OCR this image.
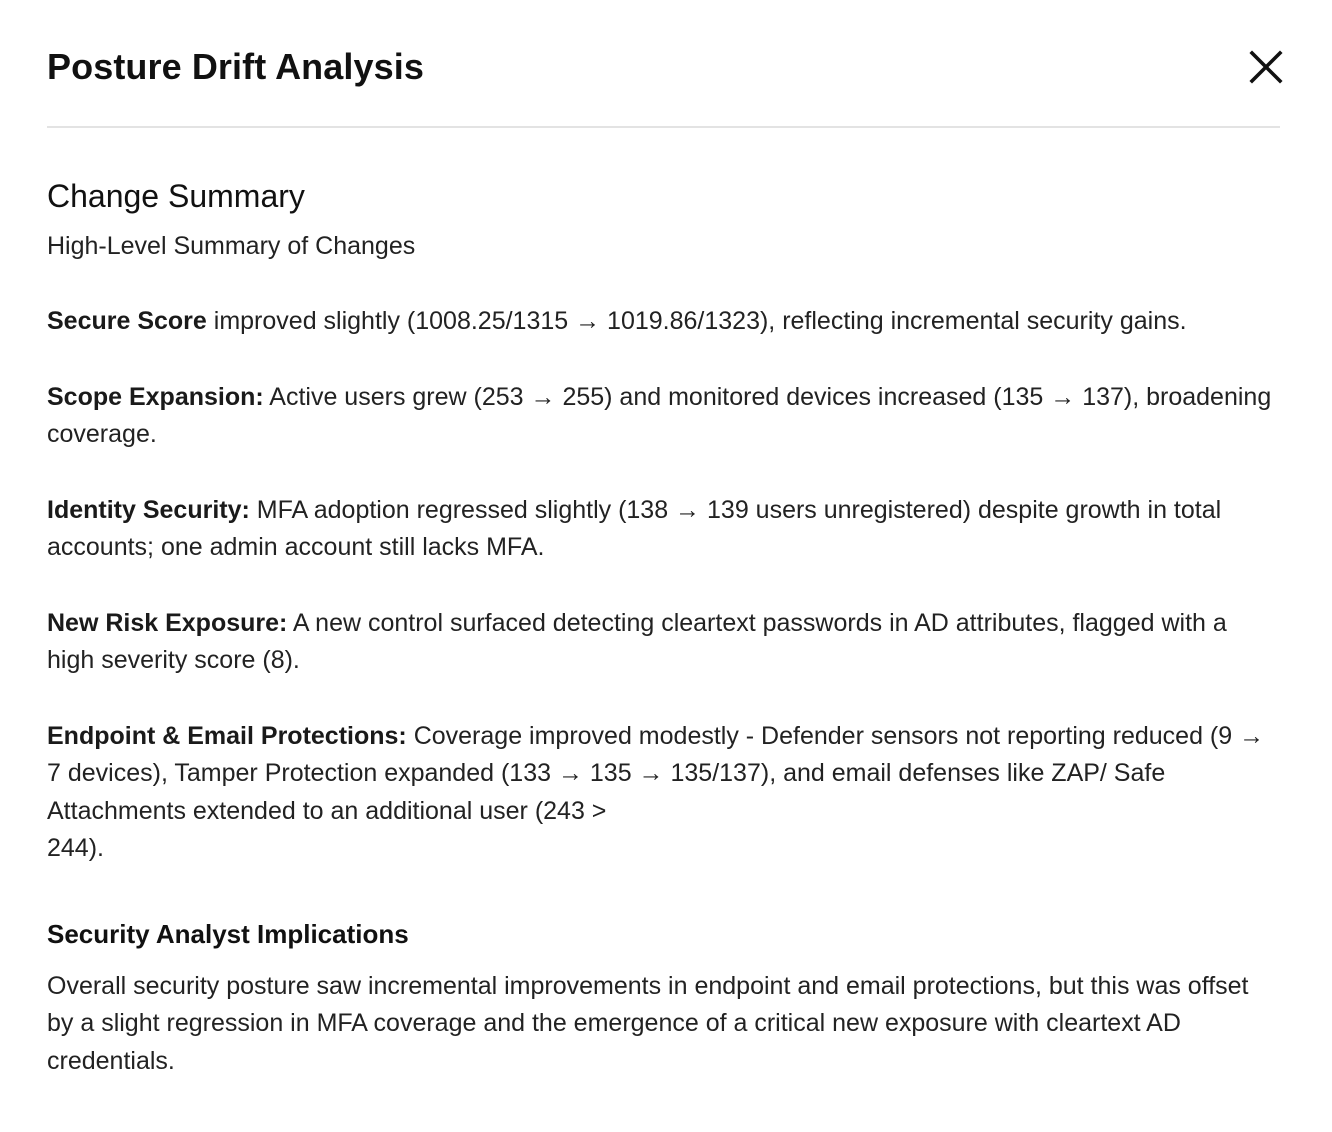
Posture Drift Analysis
Change Summary

High-Level Summary of Changes

Secure Score improved slightly (1008.25/1315 → 1019.86/1323), reflecting incremental security gains.

Scope Expansion: Active users grew (253 → 255) and monitored devices increased (135 → 137), broadening coverage.

Identity Security: MFA adoption regressed slightly (138 → 139 users unregistered) despite growth in total accounts; one admin account still lacks MFA.

New Risk Exposure: A new control surfaced detecting cleartext passwords in AD attributes, flagged with a high severity score (8).

Endpoint & Email Protections: Coverage improved modestly - Defender sensors not reporting reduced (9 → 7 devices), Tamper Protection expanded (133 → 135 → 135/137), and email defenses like ZAP/ Safe Attachments extended to an additional user (243 >
244).

Security Analyst Implications

Overall security posture saw incremental improvements in endpoint and email protections, but this was offset by a slight regression in MFA coverage and the emergence of a critical new exposure with cleartext AD credentials.
